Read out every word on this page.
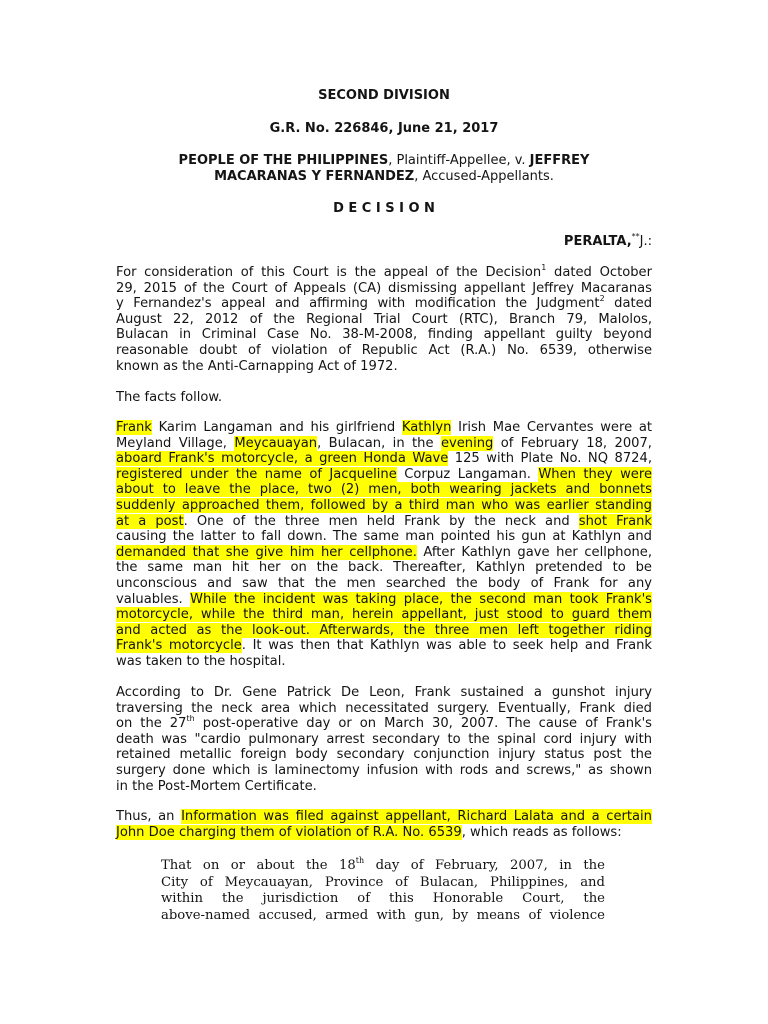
SECOND DIVISION
G.R. No. 226846, June 21, 2017
PEOPLE OF THE PHILIPPINES, Plaintiff-Appellee, v. JEFFREY
MACARANAS Y FERNANDEZ, Accused-Appellants.
D E C I S I O N
PERALTA,**J.:
For consideration of this Court is the appeal of the Decision$^1$ dated October
29, 2015 of the Court of Appeals (CA) dismissing appellant Jeffrey Macaranas
y Fernandez's appeal and affirming with modification the Judgment$^2$ dated
August 22, 2012 of the Regional Trial Court (RTC), Branch 79, Malolos,
Bulacan in Criminal Case No. 38-M-2008, finding appellant guilty beyond
reasonable doubt of violation of Republic Act (R.A.) No. 6539, otherwise
known as the Anti-Carnapping Act of 1972.
The facts follow.
Frank Karim Langaman and his girlfriend Kathlyn Irish Mae Cervantes were at
Meyland Village, Meycauayan, Bulacan, in the evening of February 18, 2007,
aboard Frank's motorcycle, a green Honda Wave 125 with Plate No. NQ 8724,
registered under the name of Jacqueline Corpuz Langaman. When they were
about to leave the place, two (2) men, both wearing jackets and bonnets
suddenly approached them, followed by a third man who was earlier standing
at a post. One of the three men held Frank by the neck and shot Frank
causing the latter to fall down. The same man pointed his gun at Kathlyn and
demanded that she give him her cellphone. After Kathlyn gave her cellphone,
the same man hit her on the back. Thereafter, Kathlyn pretended to be
unconscious and saw that the men searched the body of Frank for any
valuables. While the incident was taking place, the second man took Frank's
motorcycle, while the third man, herein appellant, just stood to guard them
and acted as the look-out. Afterwards, the three men left together riding
Frank's motorcycle. It was then that Kathlyn was able to seek help and Frank
was taken to the hospital.
According to Dr. Gene Patrick De Leon, Frank sustained a gunshot injury
traversing the neck area which necessitated surgery. Eventually, Frank died
on the 27th post-operative day or on March 30, 2007. The cause of Frank's
death was "cardio pulmonary arrest secondary to the spinal cord injury with
retained metallic foreign body secondary conjunction injury status post the
surgery done which is laminectomy infusion with rods and screws," as shown
in the Post-Mortem Certificate.
Thus, an Information was filed against appellant, Richard Lalata and a certain
John Doe charging them of violation of R.A. No. 6539, which reads as follows:
That on or about the 18th day of February, 2007, in the
City of Meycauayan, Province of Bulacan, Philippines, and
within the jurisdiction of this Honorable Court, the
above-named accused, armed with gun, by means of violence
